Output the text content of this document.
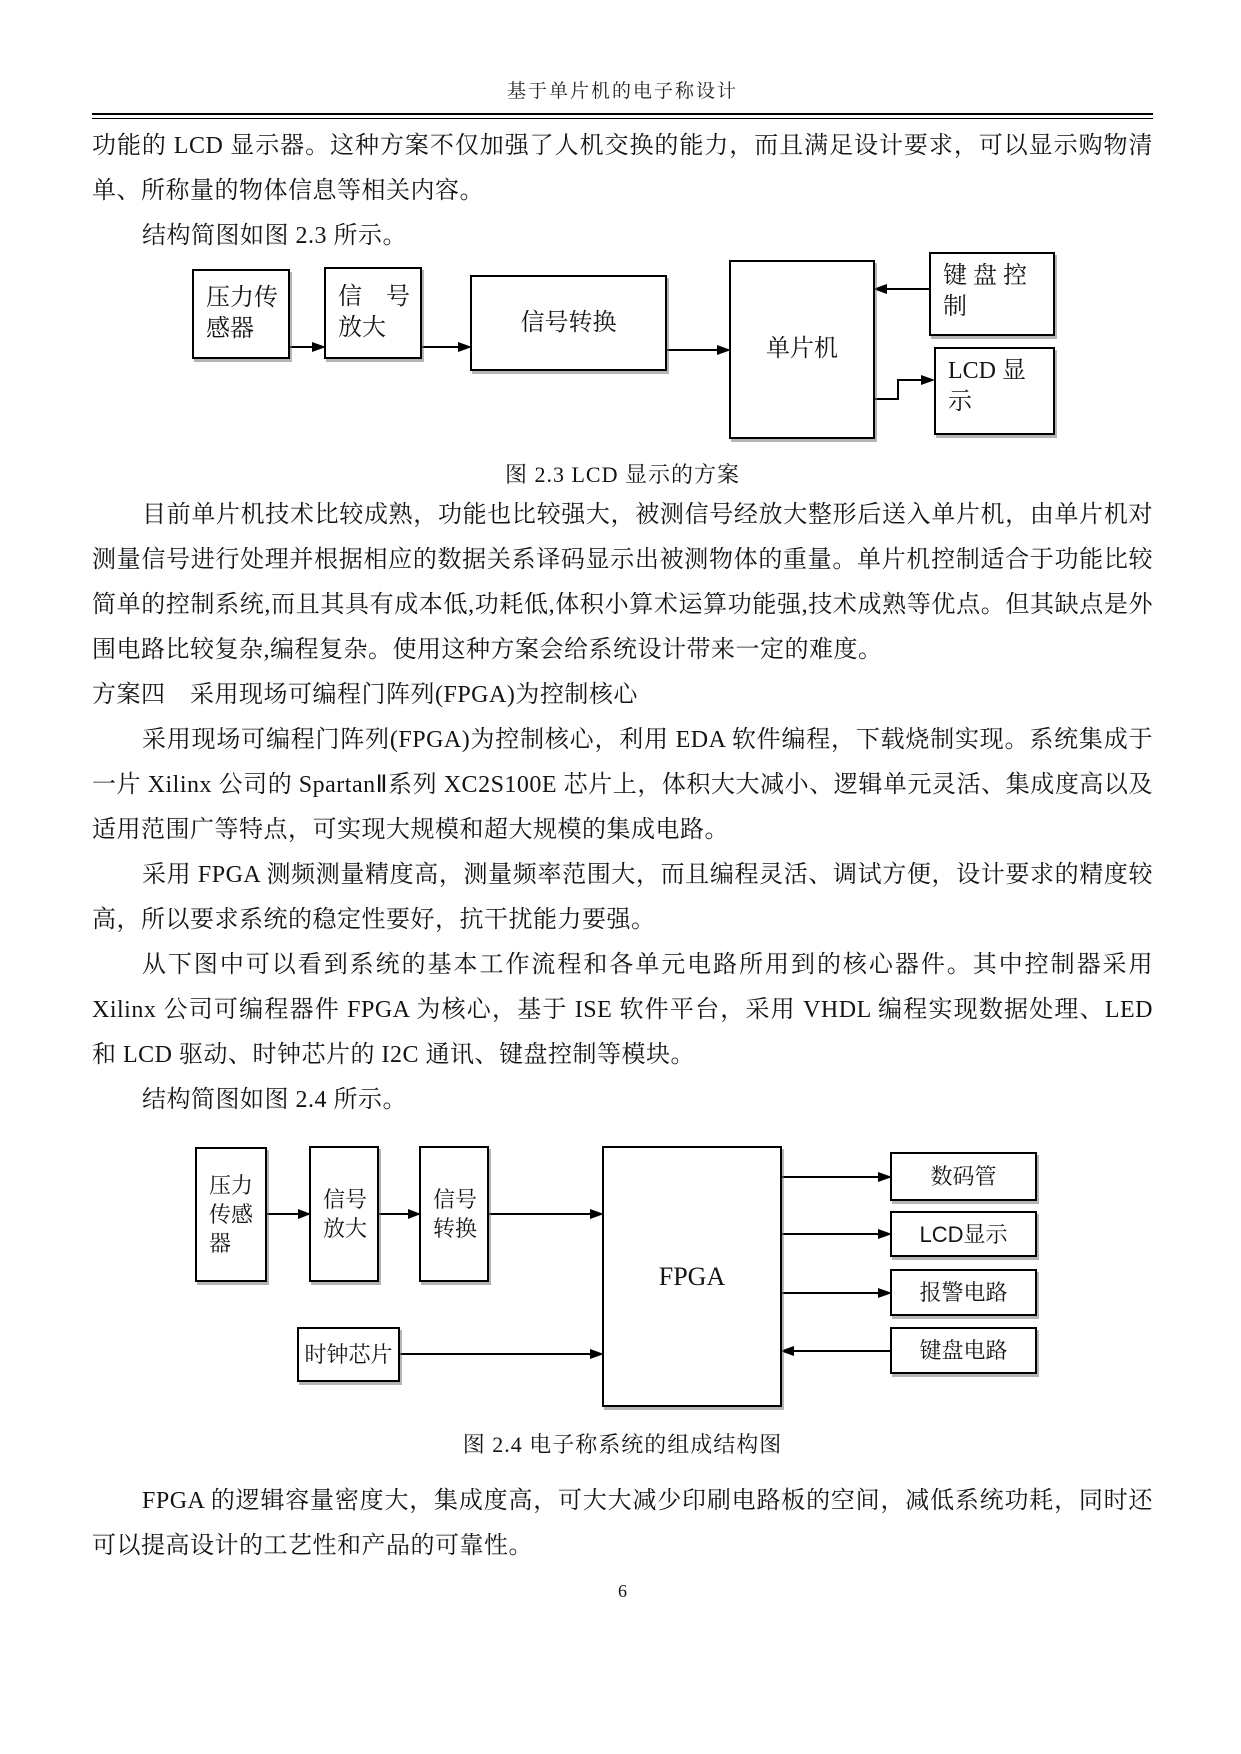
基于单片机的电子称设计

功能的 LCD 显示器。这种方案不仅加强了人机交换的能力，而且满足设计要求，可以显示购物清单、所称量的物体信息等相关内容。

结构简图如图 2.3 所示。

压力传
感器
信　号
放大	信号转换
单片机
键 盘 控
制
LCD 显
示
图 2.3 LCD 显示的方案

目前单片机技术比较成熟，功能也比较强大，被测信号经放大整形后送入单片机，由单片机对测量信号进行处理并根据相应的数据关系译码显示出被测物体的重量。单片机控制适合于功能比较简单的控制系统,而且其具有成本低,功耗低,体积小算术运算功能强,技术成熟等优点。但其缺点是外围电路比较复杂,编程复杂。使用这种方案会给系统设计带来一定的难度。

方案四　采用现场可编程门阵列(FPGA)为控制核心

采用现场可编程门阵列(FPGA)为控制核心，利用 EDA 软件编程，下载烧制实现。系统集成于一片 Xilinx 公司的 SpartanⅡ系列 XC2S100E 芯片上，体积大大减小、逻辑单元灵活、集成度高以及适用范围广等特点，可实现大规模和超大规模的集成电路。

采用 FPGA 测频测量精度高，测量频率范围大，而且编程灵活、调试方便，设计要求的精度较高，所以要求系统的稳定性要好，抗干扰能力要强。

从下图中可以看到系统的基本工作流程和各单元电路所用到的核心器件。其中控制器采用 Xilinx 公司可编程器件 FPGA 为核心，基于 ISE 软件平台，采用 VHDL 编程实现数据处理、LED 和 LCD 驱动、时钟芯片的 I2C 通讯、键盘控制等模块。

结构简图如图 2.4 所示。

压力
传感
器
信号
放大
信号
转换
FPGA
时钟芯片
数码管
LCD显示
报警电路
键盘电路
图 2.4 电子称系统的组成结构图

FPGA 的逻辑容量密度大，集成度高，可大大减少印刷电路板的空间，减低系统功耗，同时还可以提高设计的工艺性和产品的可靠性。

6
